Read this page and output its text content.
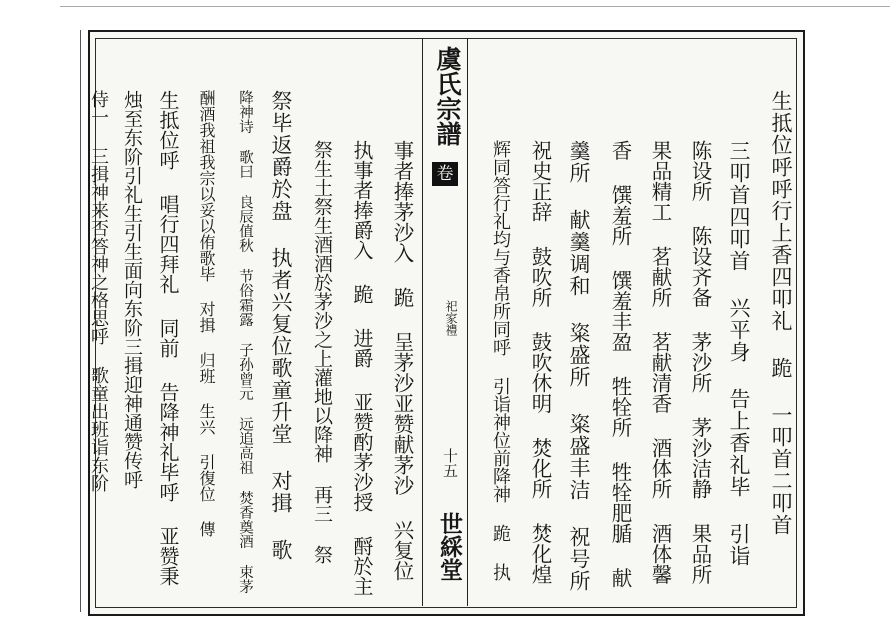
虞氏宗譜
卷
祀家禮
十五
世綵堂
生抵位呼呼行上香四叩礼 跪 一叩首二叩首
三叩首四叩首 兴平身 告上香礼毕 引诣
陈设所 陈设齐备 茅沙所 茅沙洁静 果品所
果品精工 茗献所 茗献清香 酒体所 酒体馨
香 馔羞所 馔羞丰盈 牲牷所 牲牷肥腯 献
羹所 献羹调和 粢盛所 粢盛丰洁 祝号所
祝史正辞 鼓吹所 鼓吹休明 焚化所 焚化煌
辉同答行礼均与香帛所同呼 引诣神位前降神 跪 执
事者捧茅沙入 跪 呈茅沙亚赞献茅沙 兴复位
执事者捧爵入 跪 进爵 亚赞酌茅沙授 酹於主
祭生土祭生酒酒於茅沙之上灌地以降神 再三 祭
祭毕返爵於盘 执者兴复位歌童升堂 对揖 歌
降神诗 歌曰 良辰值秋 节俗霜露 子孙曾元 远追高祖 焚香奠酒 束茅
酬酒我祖我宗以妥以侑歌毕 对揖 归班 生兴 引復位 傳
生抵位呼 唱行四拜礼 同前 告降神礼毕呼 亚赞秉
烛至东阶引礼生引生面向东阶三揖迎神通赞传呼
侍一 三揖神来否答神之格思呼 歌童出班诣东阶
